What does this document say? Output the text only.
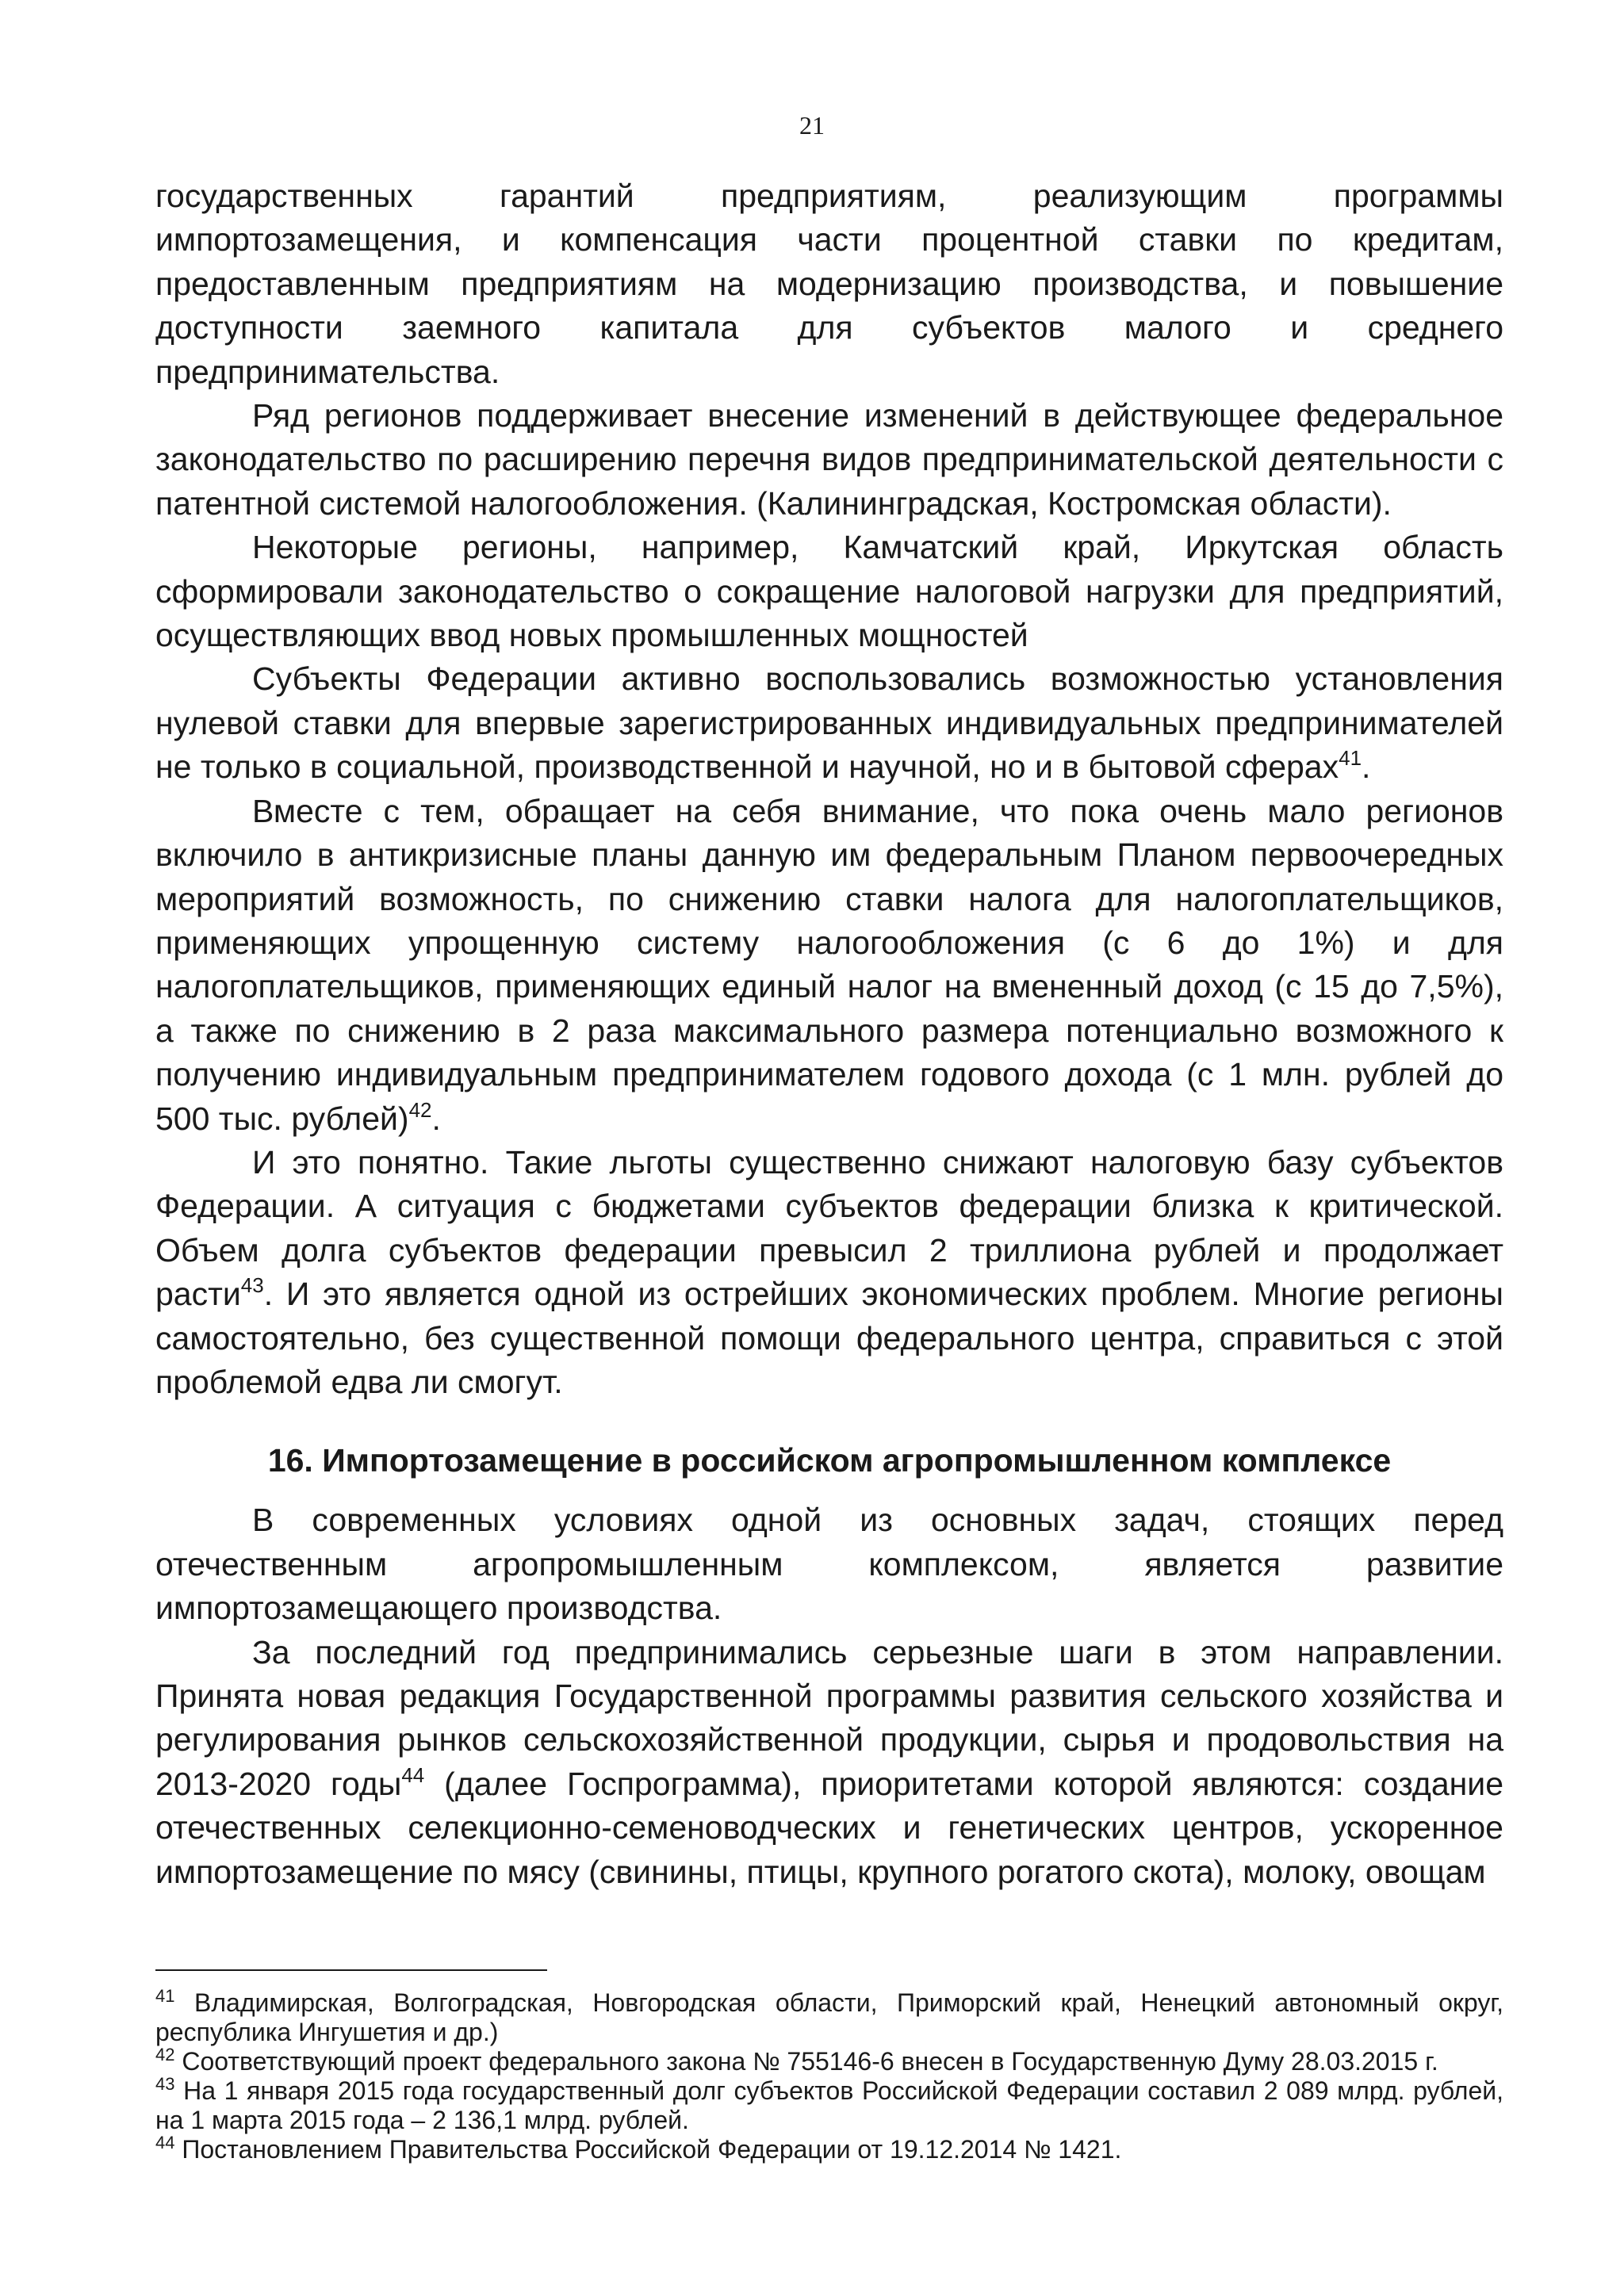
21

государственных гарантий предприятиям, реализующим программы

импортозамещения, и компенсация части процентной ставки по кредитам,

предоставленным предприятиям на модернизацию производства, и повышение

доступности заемного капитала для субъектов малого и среднего

предпринимательства.

Ряд регионов поддерживает внесение изменений в действующее федеральное законодательство по расширению перечня видов предпринимательской деятельности с патентной системой налогообложения. (Калининградская, Костромская области).

Некоторые регионы, например, Камчатский край, Иркутская область сформировали законодательство о сокращение налоговой нагрузки для предприятий, осуществляющих ввод новых промышленных мощностей

Субъекты Федерации активно воспользовались возможностью установления нулевой ставки для впервые зарегистрированных индивидуальных предпринимателей не только в социальной, производственной и научной, но и в бытовой сферах$^{41}$.

Вместе с тем, обращает на себя внимание, что пока очень мало регионов включило в антикризисные планы данную им федеральным Планом первоочередных мероприятий возможность, по снижению ставки налога для налогоплательщиков, применяющих упрощенную систему налогообложения (с 6 до 1%) и для налогоплательщиков, применяющих единый налог на вмененный доход (с 15 до 7,5%), а также по снижению в 2 раза максимального размера потенциально возможного к получению индивидуальным предпринимателем годового дохода (с 1 млн. рублей до 500 тыс. рублей)$^{42}$.

И это понятно. Такие льготы существенно снижают налоговую базу субъектов Федерации. А ситуация с бюджетами субъектов федерации близка к критической. Объем долга субъектов федерации превысил 2 триллиона рублей и продолжает расти$^{43}$. И это является одной из острейших экономических проблем. Многие регионы самостоятельно, без существенной помощи федерального центра, справиться с этой проблемой едва ли смогут.

16. Импортозамещение в российском агропромышленном комплексе

В современных условиях одной из основных задач, стоящих перед отечественным агропромышленным комплексом, является развитие импортозамещающего производства.

За последний год предпринимались серьезные шаги в этом направлении. Принята новая редакция Государственной программы развития сельского хозяйства и регулирования рынков сельскохозяйственной продукции, сырья и продовольствия на 2013-2020 годы$^{44}$ (далее Госпрограмма), приоритетами которой являются: создание отечественных селекционно-семеноводческих и генетических центров, ускоренное импортозамещение по мясу (свинины, птицы, крупного рогатого скота), молоку, овощам

$^{41}$ Владимирская, Волгоградская, Новгородская области, Приморский край, Ненецкий автономный округ, республика Ингушетия и др.)

$^{42}$ Соответствующий проект федерального закона № 755146-6 внесен в Государственную Думу 28.03.2015 г.

$^{43}$ На 1 января 2015 года государственный долг субъектов Российской Федерации составил 2 089 млрд. рублей, на 1 марта 2015 года – 2 136,1 млрд. рублей.

$^{44}$ Постановлением Правительства Российской Федерации от 19.12.2014 № 1421.
